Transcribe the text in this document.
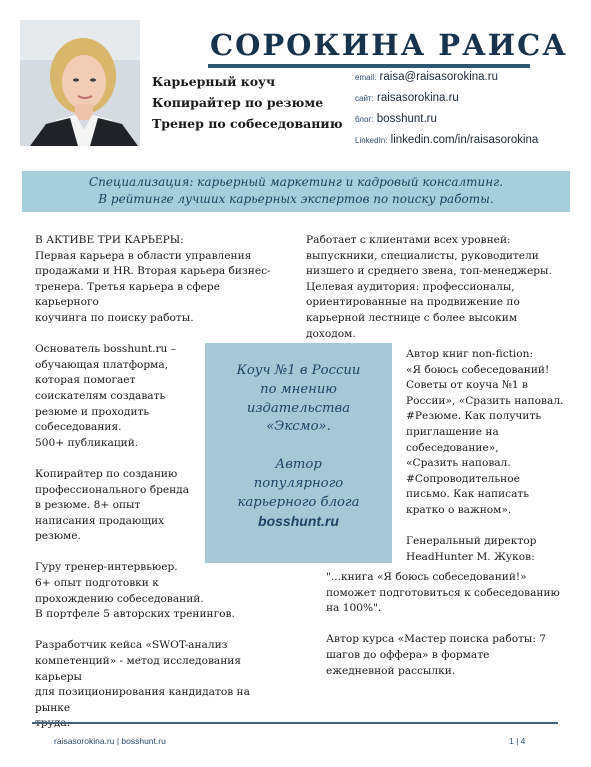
СОРОКИНА РАИСА
Карьерный коуч
Копирайтер по резюме
Тренер по собеседованию
email: raisa@raisasorokina.ru
сайт: raisasorokina.ru
блог: bosshunt.ru
LinkedIn: linkedin.com/in/raisasorokina
Специализация: карьерный маркетинг и кадровый консалтинг.
В рейтинге лучших карьерных экспертов по поиску работы.

В АКТИВЕ ТРИ КАРЬЕРЫ:

Первая карьера в области управления
продажами и HR. Вторая карьера бизнес-
тренера. Третья карьера в сфере карьерного
коучинга по поиску работы.

Основатель bosshunt.ru –
обучающая платформа,
которая помогает
соискателям создавать
резюме и проходить
собеседования.
500+ публикаций.

Копирайтер по созданию
профессионального бренда
в резюме. 8+ опыт
написания продающих
резюме.

Гуру тренер-интервьюер.
6+ опыт подготовки к
прохождению собеседований.
В портфеле 5 авторских тренингов.

Разработчик кейса «SWOT-анализ
компетенций» - метод исследования карьеры
для позиционирования кандидатов на рынке

Работает с клиентами всех уровней:
выпускники, специалисты, руководители
низшего и среднего звена, топ-менеджеры.
Целевая аудитория: профессионалы,
ориентированные на продвижение по
карьерной лестнице с более высоким доходом.

Коуч №1 в России
по мнению
издательства
«Эксмо».
Автор
популярного
карьерного блога
bosshunt.ru

Автор книг non-fiction:
«Я боюсь собеседований!
Советы от коуча №1 в
России», «Сразить наповал.
#Резюме. Как получить
приглашение на
собеседование»,
«Сразить наповал.
#Сопроводительное
письмо. Как написать
кратко о важном».

Генеральный директор
HeadHunter М. Жуков:

"...книга «Я боюсь собеседований!»
поможет подготовиться к собеседованию
на 100%".

Автор курса «Мастер поиска работы: 7
шагов до оффера» в формате
ежедневной рассылки.

raisasorokina.ru | bosshunt.ru	1 | 4
